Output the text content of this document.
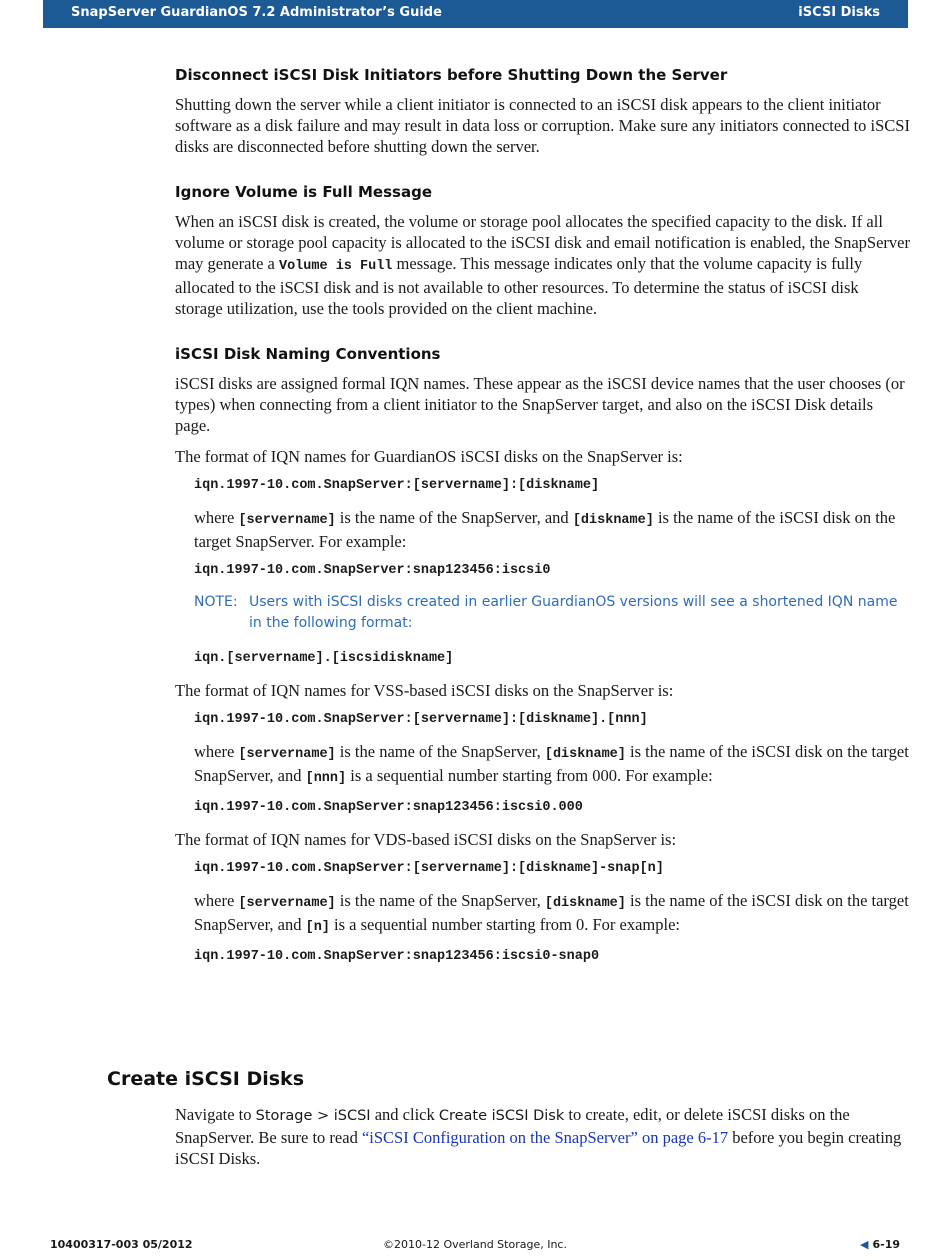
SnapServer GuardianOS 7.2 Administrator’s Guide	iSCSI Disks
Disconnect iSCSI Disk Initiators before Shutting Down the Server

Shutting down the server while a client initiator is connected to an iSCSI disk appears to the client initiator software as a disk failure and may result in data loss or corruption. Make sure any initiators connected to iSCSI disks are disconnected before shutting down the server.

Ignore Volume is Full Message

When an iSCSI disk is created, the volume or storage pool allocates the specified capacity to the disk. If all volume or storage pool capacity is allocated to the iSCSI disk and email notification is enabled, the SnapServer may generate a Volume is Full message. This message indicates only that the volume capacity is fully allocated to the iSCSI disk and is not available to other resources. To determine the status of iSCSI disk storage utilization, use the tools provided on the client machine.

iSCSI Disk Naming Conventions

iSCSI disks are assigned formal IQN names. These appear as the iSCSI device names that the user chooses (or types) when connecting from a client initiator to the SnapServer target, and also on the iSCSI Disk details page.

The format of IQN names for GuardianOS iSCSI disks on the SnapServer is:

iqn.1997-10.com.SnapServer:[servername]:[diskname]

where [servername] is the name of the SnapServer, and [diskname] is the name of the iSCSI disk on the target SnapServer. For example:

iqn.1997-10.com.SnapServer:snap123456:iscsi0
NOTE: Users with iSCSI disks created in earlier GuardianOS versions will see a shortened IQN name in the following format:
iqn.[servername].[iscsidiskname]

The format of IQN names for VSS-based iSCSI disks on the SnapServer is:

iqn.1997-10.com.SnapServer:[servername]:[diskname].[nnn]

where [servername] is the name of the SnapServer, [diskname] is the name of the iSCSI disk on the target SnapServer, and [nnn] is a sequential number starting from 000. For example:

iqn.1997-10.com.SnapServer:snap123456:iscsi0.000

The format of IQN names for VDS-based iSCSI disks on the SnapServer is:

iqn.1997-10.com.SnapServer:[servername]:[diskname]-snap[n]

where [servername] is the name of the SnapServer, [diskname] is the name of the iSCSI disk on the target SnapServer, and [n] is a sequential number starting from 0. For example:

iqn.1997-10.com.SnapServer:snap123456:iscsi0-snap0
Create iSCSI Disks

Navigate to Storage > iSCSI and click Create iSCSI Disk to create, edit, or delete iSCSI disks on the SnapServer. Be sure to read “iSCSI Configuration on the SnapServer” on page 6-17 before you begin creating iSCSI Disks.

10400317-003 05/2012	©2010-12 Overland Storage, Inc.	◀ 6-19
